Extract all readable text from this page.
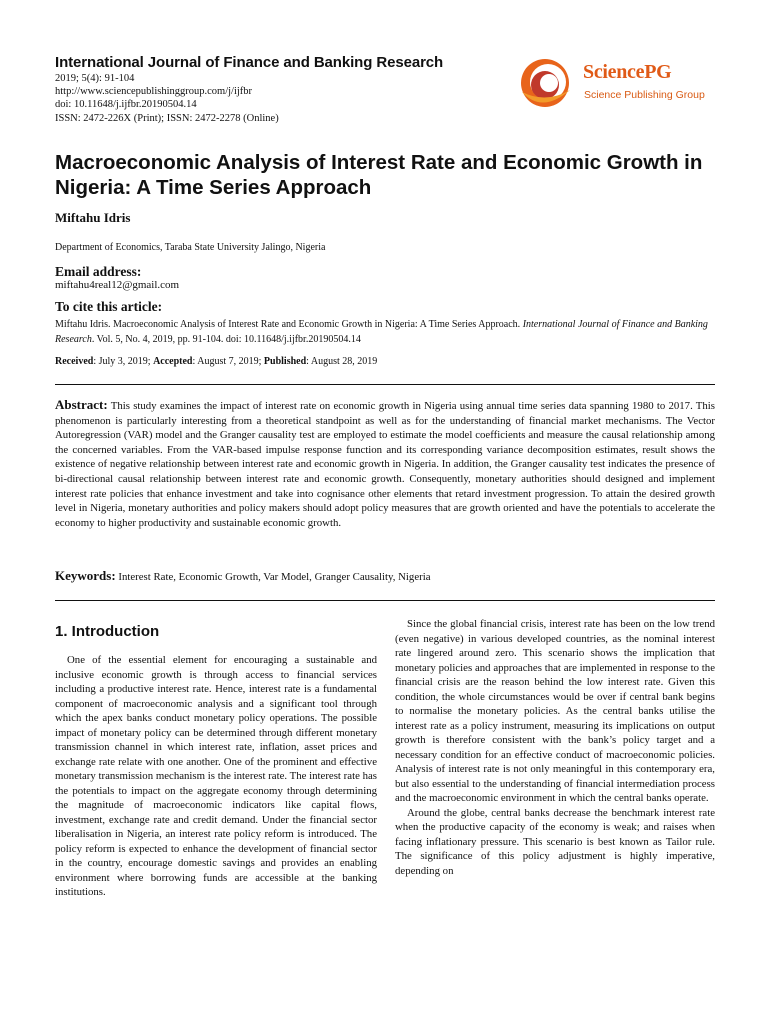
International Journal of Finance and Banking Research
2019; 5(4): 91-104
http://www.sciencepublishinggroup.com/j/ijfbr
doi: 10.11648/j.ijfbr.20190504.14
ISSN: 2472-226X (Print); ISSN: 2472-2278 (Online)
SciencePG
Science Publishing Group
Macroeconomic Analysis of Interest Rate and Economic Growth in Nigeria: A Time Series Approach
Miftahu Idris
Department of Economics, Taraba State University Jalingo, Nigeria
Email address:
miftahu4real12@gmail.com
To cite this article:
Miftahu Idris. Macroeconomic Analysis of Interest Rate and Economic Growth in Nigeria: A Time Series Approach. International Journal of Finance and Banking Research. Vol. 5, No. 4, 2019, pp. 91-104. doi: 10.11648/j.ijfbr.20190504.14
Received: July 3, 2019; Accepted: August 7, 2019; Published: August 28, 2019
Abstract: This study examines the impact of interest rate on economic growth in Nigeria using annual time series data spanning 1980 to 2017. This phenomenon is particularly interesting from a theoretical standpoint as well as for the understanding of financial market mechanisms. The Vector Autoregression (VAR) model and the Granger causality test are employed to estimate the model coefficients and measure the causal relationship among the concerned variables. From the VAR-based impulse response function and its corresponding variance decomposition estimates, result shows the existence of negative relationship between interest rate and economic growth in Nigeria. In addition, the Granger causality test indicates the presence of bi-directional causal relationship between interest rate and economic growth. Consequently, monetary authorities should designed and implement interest rate policies that enhance investment and take into cognisance other elements that retard investment progression. To attain the desired growth level in Nigeria, monetary authorities and policy makers should adopt policy measures that are growth oriented and have the potentials to accelerate the economy to higher productivity and sustainable economic growth.
Keywords: Interest Rate, Economic Growth, Var Model, Granger Causality, Nigeria
1. Introduction

One of the essential element for encouraging a sustainable and inclusive economic growth is through access to financial services including a productive interest rate. Hence, interest rate is a fundamental component of macroeconomic analysis and a significant tool through which the apex banks conduct monetary policy operations. The possible impact of monetary policy can be determined through different monetary transmission channel in which interest rate, inflation, asset prices and exchange rate relate with one another. One of the prominent and effective monetary transmission mechanism is the interest rate. The interest rate has the potentials to impact on the aggregate economy through determining the magnitude of macroeconomic indicators like capital flows, investment, exchange rate and credit demand. Under the financial sector liberalisation in Nigeria, an interest rate policy reform is introduced. The policy reform is expected to enhance the development of financial sector in the country, encourage domestic savings and provides an enabling environment where borrowing funds are accessible at the banking institutions.

Since the global financial crisis, interest rate has been on the low trend (even negative) in various developed countries, as the nominal interest rate lingered around zero. This scenario shows the implication that monetary policies and approaches that are implemented in response to the financial crisis are the reason behind the low interest rate. Given this condition, the whole circumstances would be over if central bank begins to normalise the monetary policies. As the central banks utilise the interest rate as a policy instrument, measuring its implications on output growth is therefore consistent with the bank’s policy target and a necessary condition for an effective conduct of macroeconomic policies. Analysis of interest rate is not only meaningful in this contemporary era, but also essential to the understanding of financial intermediation process and the macroeconomic environment in which the central banks operate.

Around the globe, central banks decrease the benchmark interest rate when the productive capacity of the economy is weak; and raises when facing inflationary pressure. This scenario is best known as Tailor rule. The significance of this policy adjustment is highly imperative, depending on
